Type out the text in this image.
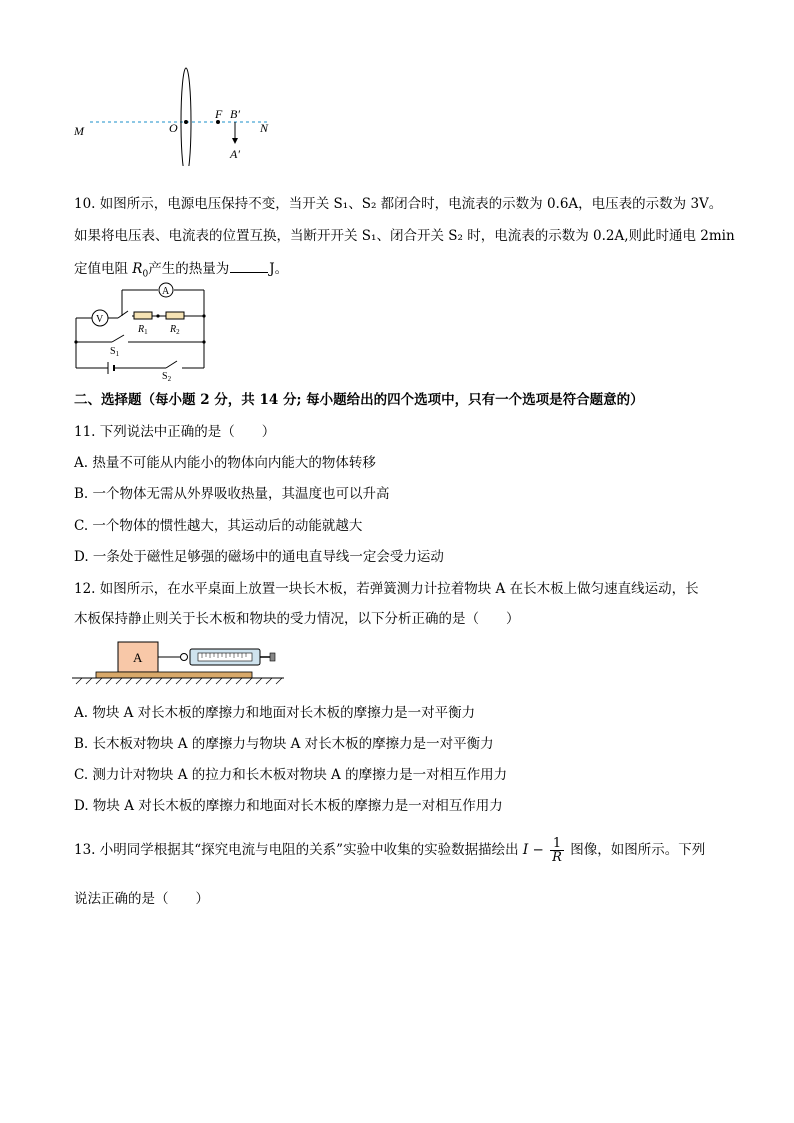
M	O
F B′
N
A′
10. 如图所示，电源电压保持不变，当开关 S₁、S₂ 都闭合时，电流表的示数为 0.6A，电压表的示数为 3V。
如果将电压表、电流表的位置互换，当断开开关 S₁、闭合开关 S₂ 时，电流表的示数为 0.2A,则此时通电 2min
定值电阻 $R_0$产生的热量为	J。
A
V
$R_1$ $R_2$
$S_1$
$S_2$
二、选择题（每小题 2 分，共 14 分; 每小题给出的四个选项中，只有一个选项是符合题意的）
11. 下列说法中正确的是（　　）
A. 热量不可能从内能小的物体向内能大的物体转移
B. 一个物体无需从外界吸收热量，其温度也可以升高
C. 一个物体的惯性越大，其运动后的动能就越大
D. 一条处于磁性足够强的磁场中的通电直导线一定会受力运动
12. 如图所示，在水平桌面上放置一块长木板，若弹簧测力计拉着物块 A 在长木板上做匀速直线运动，长
木板保持静止则关于长木板和物块的受力情况，以下分析正确的是（　　）
A
A. 物块 A 对长木板的摩擦力和地面对长木板的摩擦力是一对平衡力
B. 长木板对物块 A 的摩擦力与物块 A 对长木板的摩擦力是一对平衡力
C. 测力计对物块 A 的拉力和长木板对物块 A 的摩擦力是一对相互作用力
D. 物块 A 对长木板的摩擦力和地面对长木板的摩擦力是一对相互作用力
13. 小明同学根据其“探究电流与电阻的关系”实验中收集的实验数据描绘出 $I - \frac{1}{R}$ 图像，如图所示。下列
说法正确的是（　　）
